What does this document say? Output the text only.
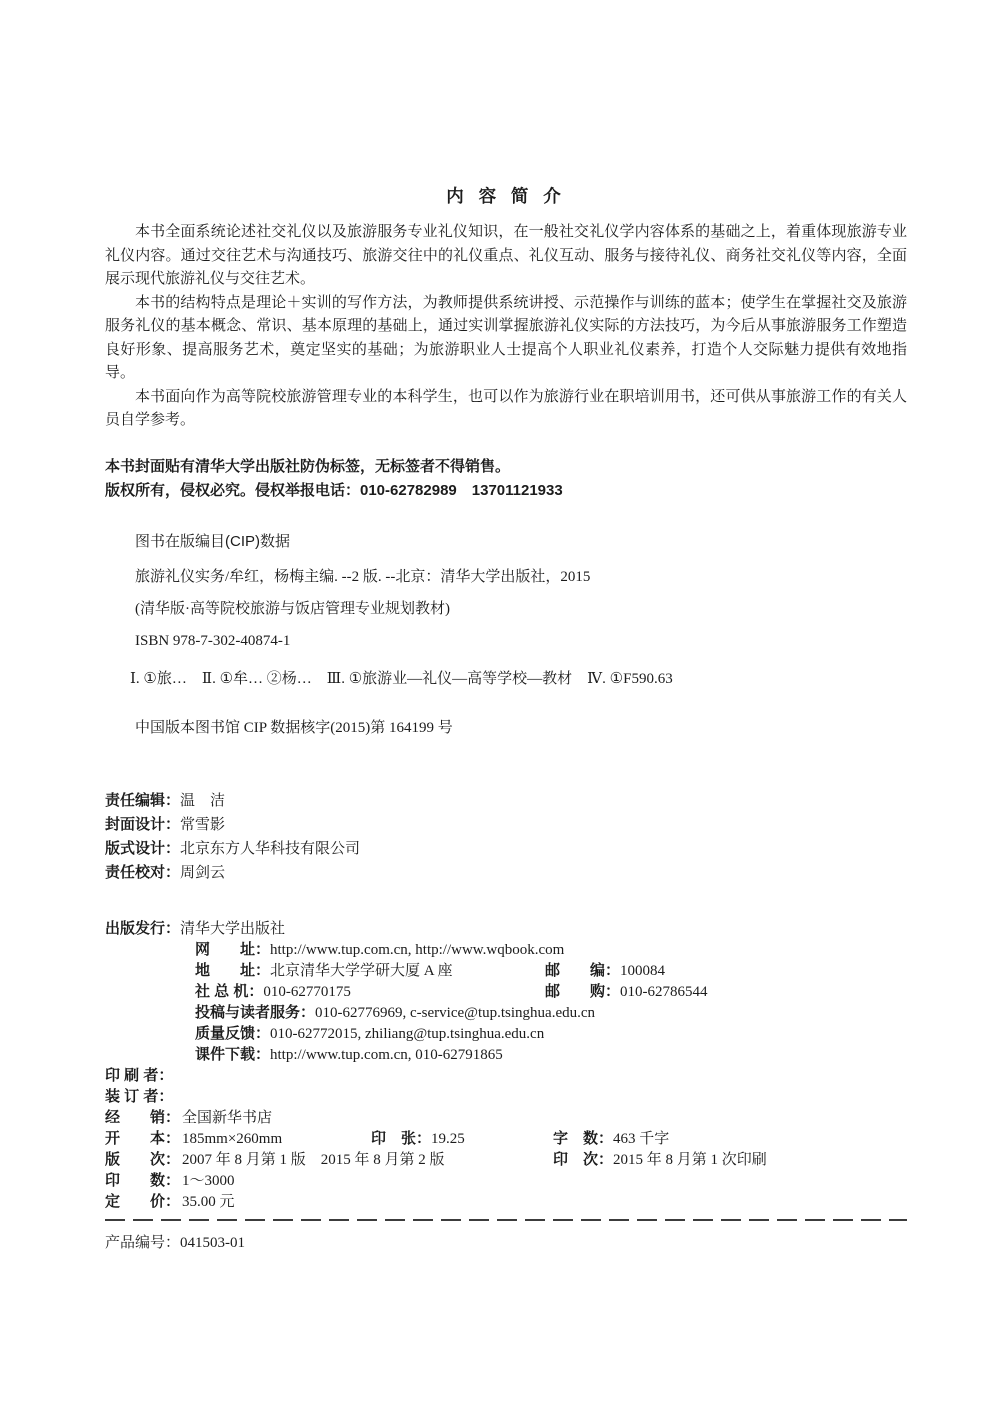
内 容 简 介

本书全面系统论述社交礼仪以及旅游服务专业礼仪知识，在一般社交礼仪学内容体系的基础之上，着重体现旅游专业礼仪内容。通过交往艺术与沟通技巧、旅游交往中的礼仪重点、礼仪互动、服务与接待礼仪、商务社交礼仪等内容，全面展示现代旅游礼仪与交往艺术。

本书的结构特点是理论＋实训的写作方法，为教师提供系统讲授、示范操作与训练的蓝本；使学生在掌握社交及旅游服务礼仪的基本概念、常识、基本原理的基础上，通过实训掌握旅游礼仪实际的方法技巧，为今后从事旅游服务工作塑造良好形象、提高服务艺术，奠定坚实的基础；为旅游职业人士提高个人职业礼仪素养，打造个人交际魅力提供有效地指导。

本书面向作为高等院校旅游管理专业的本科学生，也可以作为旅游行业在职培训用书，还可供从事旅游工作的有关人员自学参考。

本书封面贴有清华大学出版社防伪标签，无标签者不得销售。
版权所有，侵权必究。侵权举报电话：010-62782989　13701121933
图书在版编目(CIP)数据
旅游礼仪实务/牟红，杨梅主编. --2 版. --北京：清华大学出版社，2015
(清华版·高等院校旅游与饭店管理专业规划教材)
ISBN 978-7-302-40874-1
Ⅰ. ①旅…　Ⅱ. ①牟… ②杨…　Ⅲ. ①旅游业—礼仪—高等学校—教材　Ⅳ. ①F590.63
中国版本图书馆 CIP 数据核字(2015)第 164199 号
责任编辑：温　洁
封面设计：常雪影
版式设计：北京东方人华科技有限公司
责任校对：周剑云
出版发行：清华大学出版社
网　　址：http://www.tup.com.cn, http://www.wqbook.com
地　　址：北京清华大学学研大厦 A 座	邮　　编：100084
社 总 机：010-62770175	邮　　购：010-62786544
投稿与读者服务：010-62776969, c-service@tup.tsinghua.edu.cn
质量反馈：010-62772015, zhiliang@tup.tsinghua.edu.cn
课件下载：http://www.tup.com.cn, 010-62791865
印 刷 者：
装 订 者：
经　　销： 全国新华书店
开　　本： 185mm×260mm	印　张：19.25	字　数：463 千字
版　　次： 2007 年 8 月第 1 版　2015 年 8 月第 2 版	印　次：2015 年 8 月第 1 次印刷
印　　数： 1～3000
定　　价： 35.00 元
产品编号：041503-01
